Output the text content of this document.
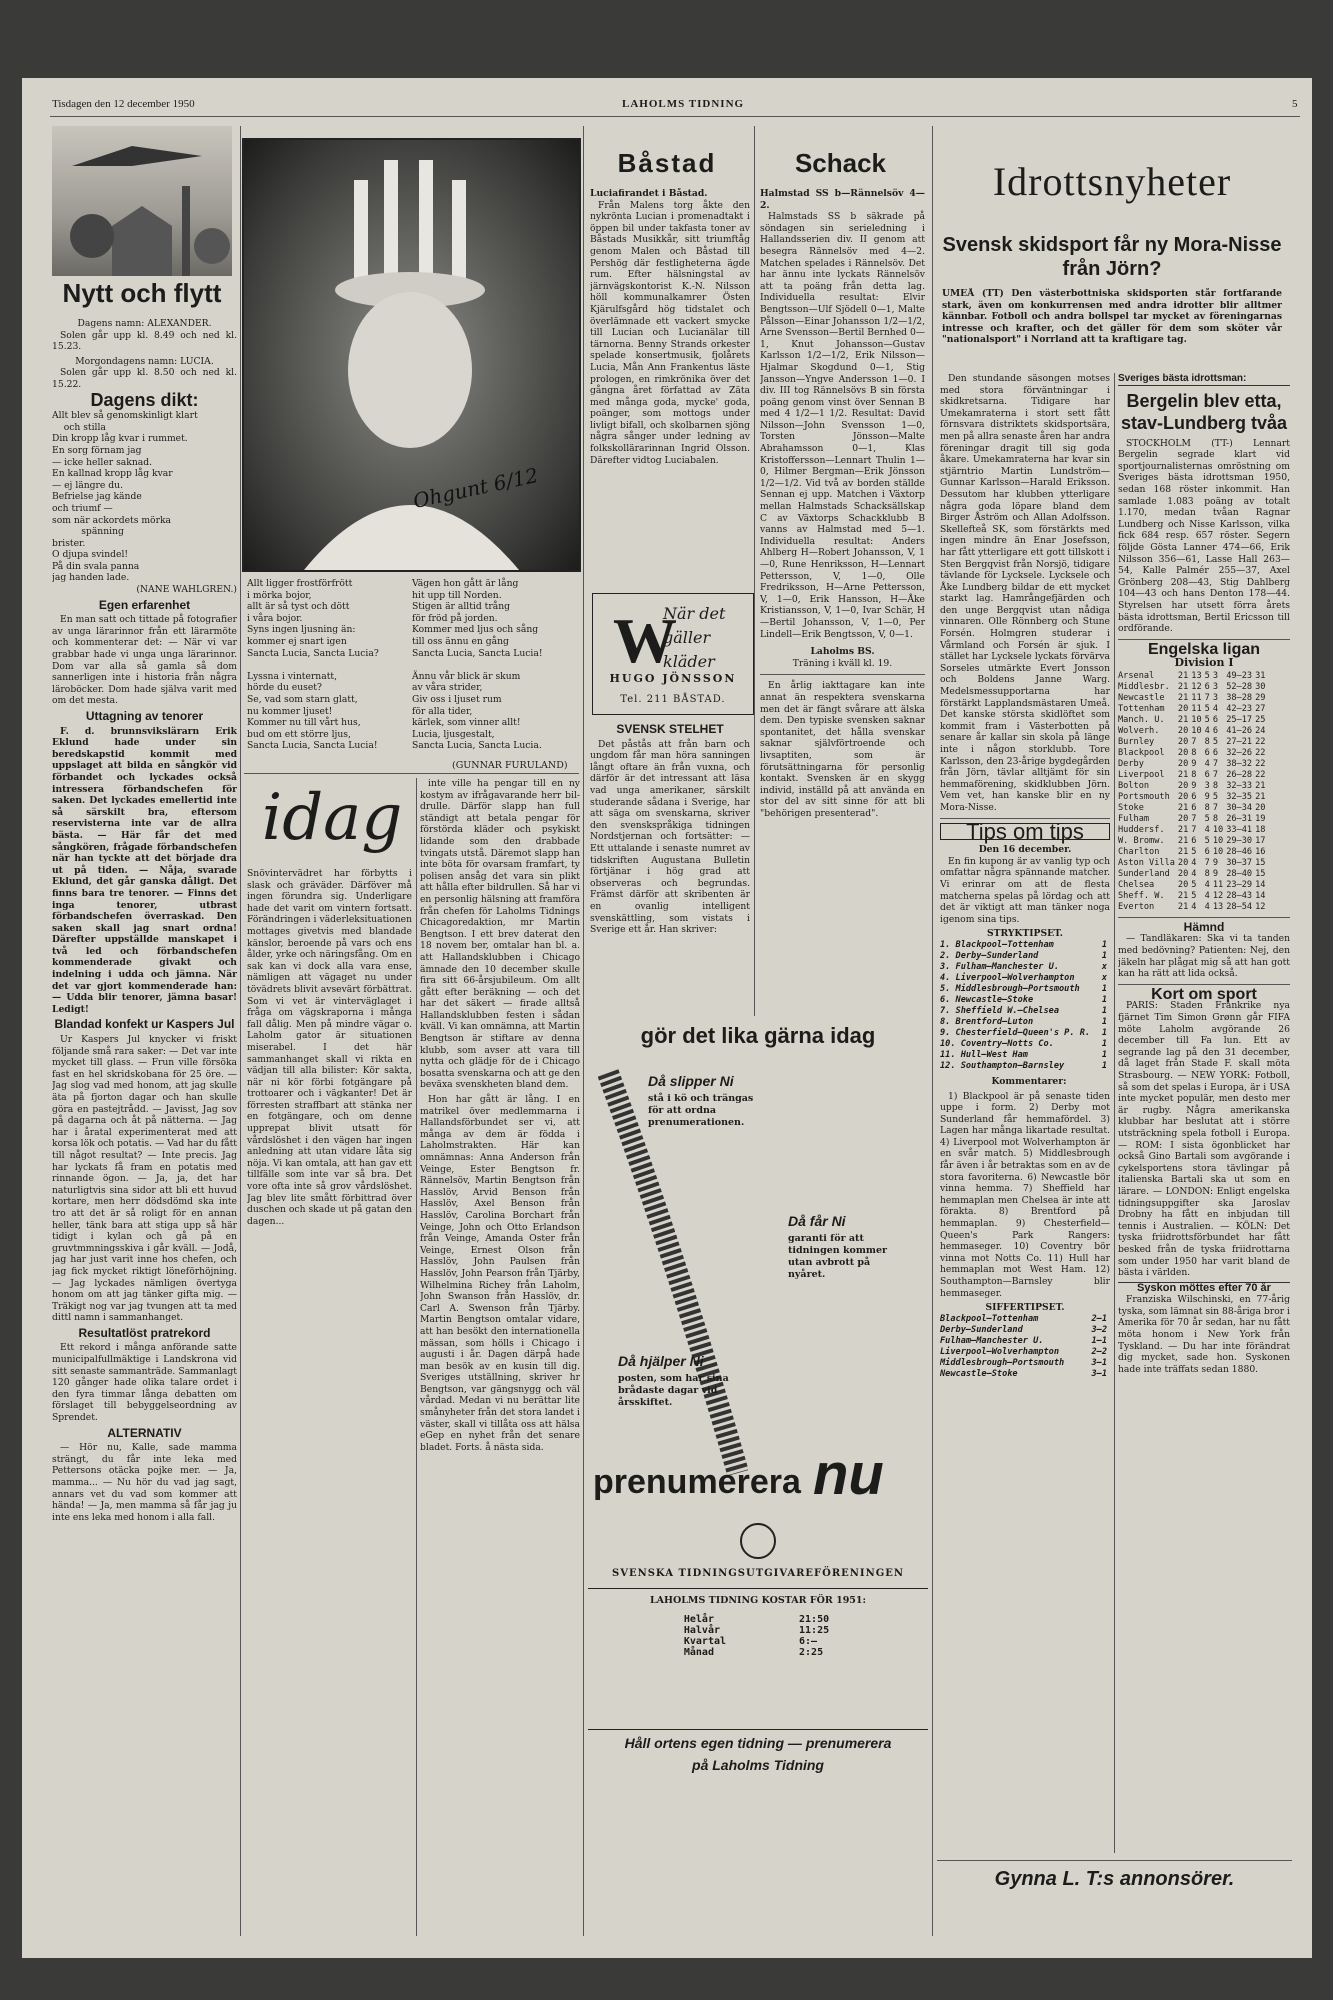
Tisdagen den 12 december 1950	LAHOLMS TIDNING	5
Nytt och flytt
Dagens namn: ALEXANDER.

Solen går upp kl. 8.49 och ned kl. 15.23.

Morgondagens namn: LUCIA.

Solen går upp kl. 8.50 och ned kl. 15.22.

Dagens dikt:
Allt blev så genomskinligt klart
och stilla
Din kropp låg kvar i rummet.
En sorg förnam jag
— icke heller saknad.
En kallnad kropp låg kvar
— ej längre du.
Befrielse jag kände
och triumf —
som när ackordets mörka
spänning
brister.
O djupa svindel!
På din svala panna
jag handen lade.
(NANE WAHLGREN.)
Egen erfarenhet

En man satt och tittade på fotografier av unga lärarinnor från ett lärarmöte och kommenterar det: — När vi var grabbar hade vi unga unga lärarinnor. Dom var alla så gamla så dom sannerligen inte i historia från några läroböcker. Dom hade själva varit med om det mesta.

Uttagning av tenorer

F. d. brunnsvikslärarn Erik Eklund hade under sin beredskapstid kommit med uppslaget att bilda en sångkör vid förbandet och lyckades också intressera förbandschefen för saken. Det lyckades emellertid inte så särskilt bra, eftersom reservisterna inte var de allra bästa. — Här får det med sångkören, frågade förbandschefen när han tyckte att det började dra ut på tiden. — Nåja, svarade Eklund, det går ganska dåligt. Det finns bara tre tenorer. — Finns det inga tenorer, utbrast förbandschefen överraskad. Den saken skall jag snart ordna! Därefter uppställde manskapet i två led och förbandschefen kommenderade givakt och indelning i udda och jämna. När det var gjort kommenderade han: — Udda blir tenorer, jämna basar! Ledigt!

Blandad konfekt ur Kaspers Jul

Ur Kaspers Jul knycker vi friskt följande små rara saker: — Det var inte mycket till glass. — Frun ville försöka fast en hel skridskobana för 25 öre. — Jag slog vad med honom, att jag skulle äta på fjorton dagar och han skulle göra en pastejtrådd. — Javisst, Jag sov på dagarna och åt på nätterna. — Jag har i åratal experimenterat med att korsa lök och potatis. — Vad har du fått till något resultat? — Inte precis. Jag har lyckats få fram en potatis med rinnande ögon. — Ja, ja, det har naturligtvis sina sidor att bli ett huvud kortare, men herr dödsdömd ska inte tro att det är så roligt för en annan heller, tänk bara att stiga upp så här tidigt i kylan och gå på en gruvtmmningsskiva i går kväll. — Jodå, jag har just varit inne hos chefen, och jag fick mycket riktigt löneförhöjning. — Jag lyckades nämligen övertyga honom om att jag tänker gifta mig. — Träkigt nog var jag tvungen att ta med dittl namn i sammanhanget.

Resultatlöst pratrekord

Ett rekord i många anförande satte municipalfullmäktige i Landskrona vid sitt senaste sammanträde. Sammanlagt 120 gånger hade olika talare ordet i den fyra timmar långa debatten om förslaget till bebyggelseordning av Sprendet.

ALTERNATIV

— Hör nu, Kalle, sade mamma strängt, du får inte leka med Pettersons otäcka pojke mer. — Ja, mamma... — Nu hör du vad jag sagt, annars vet du vad som kommer att hända! — Ja, men mamma så får jag ju inte ens leka med honom i alla fall.

Ohgunt 6/12
Allt ligger frostförfrött
i mörka bojor,
allt är så tyst och dött
i våra bojor.
Syns ingen ljusning än:
kommer ej snart igen
Sancta Lucia, Sancta Lucia?

Lyssna i vinternatt,
hörde du euset?
Se, vad som starn glatt,
nu kommer ljuset!
Kommer nu till vårt hus,
bud om ett större ljus,
Sancta Lucia, Sancta Lucia!
Vägen hon gått är lång
hit upp till Norden.
Stigen är alltid trång
för fröd på jorden.
Kommer med ljus och sång
till oss ännu en gång
Sancta Lucia, Sancta Lucia!

Ännu vår blick är skum
av våra strider,
Giv oss i ljuset rum
för alla tider,
kärlek, som vinner allt!
Lucia, ljusgestalt,
Sancta Lucia, Sancta Lucia.
(GUNNAR FURULAND)
idag
Snövintervädret har förbytts i slask och gräväder. Därföver må ingen förundra sig. Underligare hade det varit om vintern fortsatt. Förändringen i väderleksituationen mottages givetvis med blandade känslor, beroende på vars och ens ålder, yrke och näringsfång. Om en sak kan vi dock alla vara ense, nämligen att vägaget nu under tövädrets blivit avsevärt förbättrat. Som vi vet är vinterväglaget i fråga om vägskraporna i många fall dålig. Men på mindre vägar o. Laholm gator är situationen miserabel. I det här sammanhanget skall vi rikta en vädjan till alla bilister: Kör sakta, när ni kör förbi fotgängare på trottoarer och i vägkanter! Det är förresten straffbart att stänka ner en fotgängare, och om denne upprepat blivit utsatt för vårdslöshet i den vägen har ingen anledning att utan vidare låta sig nöja. Vi kan omtala, att han gav ett tillfälle som inte var så bra. Det vore ofta inte så grov vårdslöshet. Jag blev lite smått förbittrad över duschen och skade ut på gatan den dagen...

inte ville ha pengar till en ny kostym av ifrågavarande herr bil-drulle. Därför slapp han full ständigt att betala pengar för förstörda kläder och psykiskt lidande som den drabbade tvingats utstå. Däremot slapp han inte böta för ovarsam framfart, ty polisen ansåg det vara sin plikt att hålla efter bildrullen. Så har vi en personlig hälsning att framföra från chefen för Laholms Tidnings Chicagoredaktion, mr Martin Bengtson. I ett brev daterat den 18 novem ber, omtalar han bl. a. att Hallandsklubben i Chicago ämnade den 10 december skulle fira sitt 66-årsjubileum. Om allt gått efter beräkning — och det har det säkert — firade alltså Hallandsklubben festen i sådan kväll. Vi kan omnämna, att Martin Bengtson är stiftare av denna klubb, som avser att vara till nytta och glädje för de i Chicago bosatta svenskarna och att ge den beväxa svenskheten bland dem.

Hon har gått är lång. I en matrikel över medlemmarna i Hallandsförbundet ser vi, att många av dem är födda i Laholmstrakten. Här kan omnämnas: Anna Anderson från Veinge, Ester Bengtson fr. Rännelsöv, Martin Bengtson från Hasslöv, Arvid Benson från Hasslöv, Axel Benson från Hasslöv, Carolina Borchart från Veinge, John och Otto Erlandson från Veinge, Amanda Oster från Veinge, Ernest Olson från Hasslöv, John Paulsen från Hasslöv, John Pearson från Tjärby, Wilhelmina Richey från Laholm, John Swanson från Hasslöv, dr. Carl A. Swenson från Tjärby. Martin Bengtson omtalar vidare, att han besökt den internationella mässan, som hölls i Chicago i augusti i år. Dagen därpå hade man besök av en kusin till dig. Sveriges utställning, skriver hr Bengtson, var gängsnygg och väl vårdad. Medan vi nu berättar lite smånyheter från det stora landet i väster, skall vi tillåta oss att hälsa eGep en nyhet från det senare bladet. Forts. å nästa sida.

Båstad
Luciafirandet i Båstad.

Från Malens torg åkte den nykrönta Lucian i promenadtakt i öppen bil under takfasta toner av Båstads Musikkår, sitt triumftåg genom Malen och Båstad till Pershög där festligheterna ägde rum. Efter hälsningstal av järnvägskontorist K.-N. Nilsson höll kommunalkamrer Östen Kjärulfsgård hög tidstalet och överlämnade ett vackert smycke till Lucian och Lucianälar till tärnorna. Benny Strands orkester spelade konsertmusik, fjolårets Lucia, Mån Ann Frankentus läste prologen, en rimkrönika över det gångna året författad av Zäta med många goda, mycke' goda, poänger, som mottogs under livligt bifall, och skolbarnen sjöng några sånger under ledning av folkskollärarinnan Ingrid Olsson. Därefter vidtog Luciabalen.

När det gäller kläder
W
HUGO JÖNSSON
Tel. 211 BÅSTAD.
SVENSK STELHET

Det påstås att från barn och ungdom får man höra sanningen långt oftare än från vuxna, och därför är det intressant att läsa vad unga amerikaner, särskilt studerande sådana i Sverige, har att säga om svenskarna, skriver den svenskspråkiga tidningen Nordstjernan och fortsätter: — Ett uttalande i senaste numret av tidskriften Augustana Bulletin förtjänar i hög grad att observeras och begrundas. Främst därför att skribenten är en ovanlig intelligent svenskättling, som vistats i Sverige ett år. Han skriver:

Schack
Halmstad SS b—Rännelsöv 4—2.

Halmstads SS b säkrade på söndagen sin serieledning i Hallandsserien div. II genom att besegra Rännelsöv med 4—2. Matchen spelades i Rännelsöv. Det har ännu inte lyckats Rännelsöv att ta poäng från detta lag. Individuella resultat: Elvir Bengtsson—Ulf Sjödell 0—1, Malte Pålsson—Einar Johansson 1/2—1/2, Arne Svensson—Bertil Bernhed 0—1, Knut Johansson—Gustav Karlsson 1/2—1/2, Erik Nilsson—Hjalmar Skogdund 0—1, Stig Jansson—Yngve Andersson 1—0. I div. III tog Rännelsövs B sin första poäng genom vinst över Sennan B med 4 1/2—1 1/2. Resultat: David Nilsson—John Svensson 1—0, Torsten Jönsson—Malte Abrahamsson 0—1, Klas Kristoffersson—Lennart Thulin 1—0, Hilmer Bergman—Erik Jönsson 1/2—1/2. Vid två av borden ställde Sennan ej upp. Matchen i Växtorp mellan Halmstads Schacksällskap C av Växtorps Schackklubb B vanns av Halmstad med 5—1. Individuella resultat: Anders Ahlberg H—Robert Johansson, V, 1—0, Rune Henriksson, H—Lennart Pettersson, V, 1—0, Olle Fredriksson, H—Arne Pettersson, V, 1—0, Erik Hansson, H—Åke Kristiansson, V, 1—0, Ivar Schär, H—Bertil Johansson, V, 1—0, Per Lindell—Erik Bengtsson, V, 0—1.

Laholms BS.
Träning i kväll kl. 19.

En årlig iakttagare kan inte annat än respektera svenskarna men det är fängt svårare att älska dem. Den typiske svensken saknar spontanitet, det hålla svenskar saknar självförtroende och livsaptiten, som är förutsättningarna för personlig kontakt. Svensken är en skygg individ, inställd på att använda en stor del av sitt sinne för att bli "behörigen presenterad".

gör det lika gärna idag
Då slipper Ni
stå i kö och trängas för att ordna prenumerationen.
Då får Ni
garanti för att tidningen kommer utan avbrott på nyåret.
Då hjälper Ni
posten, som har sina brådaste dagar vid årsskiftet.
prenumerera nu
SVENSKA TIDNINGSUTGIVAREFÖRENINGEN
LAHOLMS TIDNING KOSTAR FÖR 1951:
Helår	21:50
Halvår	11:25
Kvartal	6:—
Månad	2:25
Håll ortens egen tidning — prenumerera
på Laholms Tidning
Idrottsnyheter
Svensk skidsport får ny Mora-Nisse från Jörn?
UMEÅ (TT) Den västerbottniska skidsporten står fortfarande stark, även om konkurrensen med andra idrotter blir alltmer kännbar. Fotboll och andra bollspel tar mycket av föreningarnas intresse och krafter, och det gäller för dem som sköter vår "nationalsport" i Norrland att ta kraftigare tag.

Den stundande säsongen motses med stora förväntningar i skidkretsarna. Tidigare har Umekamraterna i stort sett fått förnsvara distriktets skidsportsära, men på allra senaste åren har andra föreningar dragit till sig goda åkare. Umekamraterna har kvar sin stjärntrio Martin Lundström—Gunnar Karlsson—Harald Eriksson. Dessutom har klubben ytterligare några goda löpare bland dem Birger Åström och Allan Adolfsson. Skellefteå SK, som förstärkts med ingen mindre än Enar Josefsson, har fått ytterligare ett gott tillskott i Sten Bergqvist från Norsjö, tidigare tävlande för Lycksele. Lycksele och Åke Lundberg bildar de ett mycket starkt lag. Hamrångefjärden och den unge Bergqvist utan nådiga vinnaren. Olle Rönnberg och Stune Forsén. Holmgren studerar i Vårmland och Forsén är sjuk. I stället har Lycksele lyckats förvärva Sorseles utmärkte Evert Jonsson och Boldens Janne Warg. Medelsmessupportarna har förstärkt Lapplandsmästaren Umeå. Det kanske största skidlöftet som kommit fram i Västerbotten på senare år kallar sin skola på länge inte i någon storklubb. Tore Karlsson, den 23-årige bygdegården från Jörn, tävlar alltjämt för sin hemmaförening, skidklubben Jörn. Vem vet, han kanske blir en ny Mora-Nisse.

Tips om tips
Den 16 december.

En fin kupong är av vanlig typ och omfattar några spännande matcher. Vi erinrar om att de flesta matcherna spelas på lördag och att det är viktigt att man tänker noga igenom sina tips.

STRYKTIPSET.
1. Blackpool—Tottenham	1
2. Derby—Sunderland	1
3. Fulham—Manchester U.	x
4. Liverpool—Wolverhampton	x
5. Middlesbrough—Portsmouth	1
6. Newcastle—Stoke	1
7. Sheffield W.—Chelsea	1
8. Brentford—Luton	1
9. Chesterfield—Queen's P. R.	1
10. Coventry—Notts Co.	1
11. Hull—West Ham	1
12. Southampton—Barnsley	1

Kommentarer:

1) Blackpool är på senaste tiden uppe i form. 2) Derby mot Sunderland får hemmafördel. 3) Lagen har många likartade resultat. 4) Liverpool mot Wolverhampton är en svår match. 5) Middlesbrough får även i år betraktas som en av de stora favoriterna. 6) Newcastle bör vinna hemma. 7) Sheffield har hemmaplan men Chelsea är inte att förakta. 8) Brentford på hemmaplan. 9) Chesterfield—Queen's Park Rangers: hemmaseger. 10) Coventry bör vinna mot Notts Co. 11) Hull har hemmaplan mot West Ham. 12) Southampton—Barnsley blir hemmaseger.

SIFFERTIPSET.
Blackpool—Tottenham	2—1
Derby—Sunderland	3—2
Fulham—Manchester U.	1—1
Liverpool—Wolverhampton	2—2
Middlesbrough—Portsmouth	3—1
Newcastle—Stoke	3—1
Sveriges bästa idrottsman:
Bergelin blev etta, stav-Lundberg tvåa

STOCKHOLM (TT-) Lennart Bergelin segrade klart vid sportjournalisternas omröstning om Sveriges bästa idrottsman 1950, sedan 168 röster inkommit. Han samlade 1.083 poäng av totalt 1.170, medan tvåan Ragnar Lundberg och Nisse Karlsson, vilka fick 684 resp. 657 röster. Segern följde Gösta Lanner 474—66, Erik Nilsson 356—61, Lasse Hall 263—54, Kalle Palmér 255—37, Axel Grönberg 208—43, Stig Dahlberg 104—43 och hans Denton 178—44. Styrelsen har utsett förra årets bästa idrottsman, Bertil Ericsson till ordförande.

Engelska ligan
Division I
Arsenal	21	13	5	3	49—23	31
Middlesbr.	21	12	6	3	52—28	30
Newcastle	21	11	7	3	38—28	29
Tottenham	20	11	5	4	42—23	27
Manch. U.	21	10	5	6	25—17	25
Wolverh.	20	10	4	6	41—26	24
Burnley	20	7	8	5	27—21	22
Blackpool	20	8	6	6	32—26	22
Derby	20	9	4	7	38—32	22
Liverpool	21	8	6	7	26—28	22
Bolton	20	9	3	8	32—33	21
Portsmouth	20	6	9	5	32—35	21
Stoke	21	6	8	7	30—34	20
Fulham	20	7	5	8	26—31	19
Huddersf.	21	7	4	10	33—41	18
W. Bromw.	21	6	5	10	29—30	17
Charlton	21	5	6	10	28—46	16
Aston Villa	20	4	7	9	30—37	15
Sunderland	20	4	8	9	28—40	15
Chelsea	20	5	4	11	23—29	14
Sheff. W.	21	5	4	12	28—43	14
Everton	21	4	4	13	28—54	12
Hämnd

— Tandläkaren: Ska vi ta tanden med bedövning? Patienten: Nej, den jäkeln har plågat mig så att han gott kan ha rätt att lida också.

Kort om sport

PARIS: Staden Frankrike nya fjärnet Tim Simon Grønn går FIFA möte Laholm avgörande 26 december till Fa lun. Ett av segrande lag på den 31 december, då laget från Stade F. skall möta Strasbourg. — NEW YORK: Fotboll, så som det spelas i Europa, är i USA inte mycket populär, men desto mer är rugby. Några amerikanska klubbar har beslutat att i större utsträckning spela fotboll i Europa. — ROM: I sista ögonblicket har också Gino Bartali som avgörande i cykelsportens stora tävlingar på italienska Bartali ska ut som en lärare. — LONDON: Enligt engelska tidningsuppgifter ska Jaroslav Drobny ha fått en inbjudan till tennis i Australien. — KÖLN: Det tyska friidrottsförbundet har fått besked från de tyska friidrottarna som under 1950 har varit bland de bästa i världen.

Syskon möttes efter 70 år

Franziska Wilschinski, en 77-årig tyska, som lämnat sin 88-åriga bror i Amerika för 70 år sedan, har nu fått möta honom i New York från Tyskland. — Du har inte förändrat dig mycket, sade hon. Syskonen hade inte träffats sedan 1880.

Gynna L. T:s annonsörer.
